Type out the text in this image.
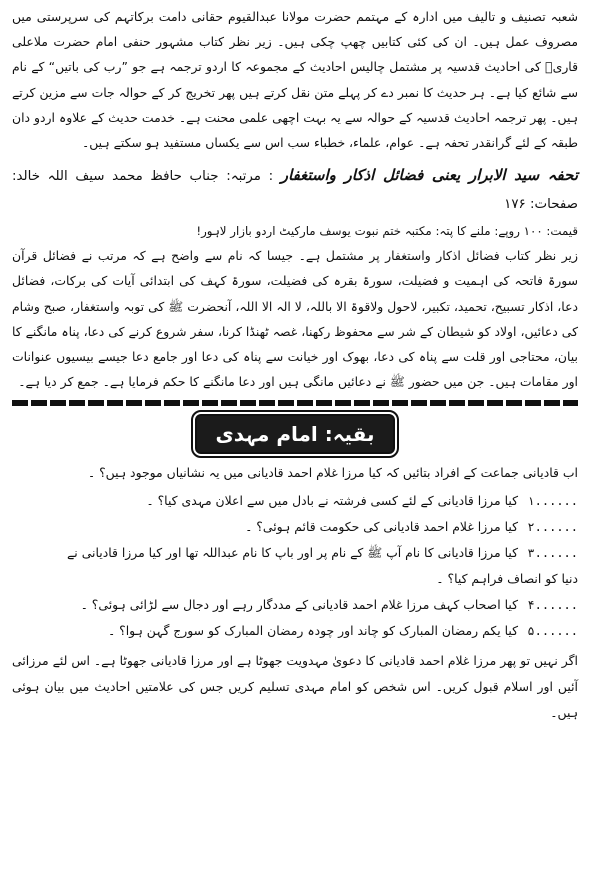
شعبہ تصنیف و تالیف میں ادارہ کے مہتمم حضرت مولانا عبدالقیوم حقانی دامت برکاتہم کی سرپرستی میں مصروف عمل ہیں۔ ان کی کئی کتابیں چھپ چکی ہیں۔ زیر نظر کتاب مشہور حنفی امام حضرت ملاعلی قاریؒ کی احادیث قدسیہ پر مشتمل چالیس احادیث کے مجموعہ کا اردو ترجمہ ہے جو ”رب کی باتیں“ کے نام سے شائع کیا ہے۔ ہر حدیث کا نمبر دے کر پہلے متن نقل کرتے ہیں پھر تخریج کر کے حوالہ جات سے مزین کرتے ہیں۔ پھر ترجمہ احادیث قدسیہ کے حوالہ سے یہ بہت اچھی علمی محنت ہے۔ خدمت حدیث کے علاوہ اردو دان طبقہ کے لئے گرانقدر تحفہ ہے۔ عوام، علماء، خطباء سب اس سے یکساں مستفید ہو سکتے ہیں۔

تحفہ سید الابرار یعنی فضائل اذکار واستغفار : مرتبہ: جناب حافظ محمد سیف اللہ خالد: صفحات: ۱۷۶

قیمت: ۱۰۰ روپے: ملنے کا پتہ: مکتبہ ختم نبوت یوسف مارکیٹ اردو بازار لاہور!

زیر نظر کتاب فضائل اذکار واستغفار پر مشتمل ہے۔ جیسا کہ نام سے واضح ہے کہ مرتب نے فضائل قرآن سورۃ فاتحہ کی اہمیت و فضیلت، سورۃ بقرہ کی فضیلت، سورۃ کہف کی ابتدائی آیات کی برکات، فضائل دعا، اذکار تسبیح، تحمید، تکبیر، لاحول ولاقوۃ الا باللہ، لا الہ الا اللہ، آنحضرت ﷺ کی توبہ واستغفار، صبح وشام کی دعائیں، اولاد کو شیطان کے شر سے محفوظ رکھنا، غصہ ٹھنڈا کرنا، سفر شروع کرنے کی دعا، پناہ مانگنے کا بیان، محتاجی اور قلت سے پناہ کی دعا، بھوک اور خیانت سے پناہ کی دعا اور جامع دعا جیسے بیسیوں عنوانات اور مقامات ہیں۔ جن میں حضور ﷺ نے دعائیں مانگی ہیں اور دعا مانگنے کا حکم فرمایا ہے۔ جمع کر دیا ہے۔

بقیہ: امام مہدی

اب قادیانی جماعت کے افراد بتائیں کہ کیا مرزا غلام احمد قادیانی میں یہ نشانیاں موجود ہیں؟ ۔

۱......
کیا مرزا قادیانی کے لئے کسی فرشتہ نے بادل میں سے اعلان مہدی کیا؟ ۔

۲......
کیا مرزا غلام احمد قادیانی کی حکومت قائم ہوئی؟ ۔

۳......
کیا مرزا قادیانی کا نام آپ ﷺ کے نام پر اور باپ کا نام عبداللہ تھا اور کیا مرزا قادیانی نے

دنیا کو انصاف فراہم کیا؟ ۔

۴......
کیا اصحاب کہف مرزا غلام احمد قادیانی کے مددگار رہے اور دجال سے لڑائی ہوئی؟ ۔

۵......
کیا یکم رمضان المبارک کو چاند اور چودہ رمضان المبارک کو سورج گہن ہوا؟ ۔

اگر نہیں تو پھر مرزا غلام احمد قادیانی کا دعویٰ مہدویت جھوٹا ہے اور مرزا قادیانی جھوٹا ہے۔ اس لئے مرزائی آئیں اور اسلام قبول کریں۔ اس شخص کو امام مہدی تسلیم کریں جس کی علامتیں احادیث میں بیان ہوئی ہیں۔
